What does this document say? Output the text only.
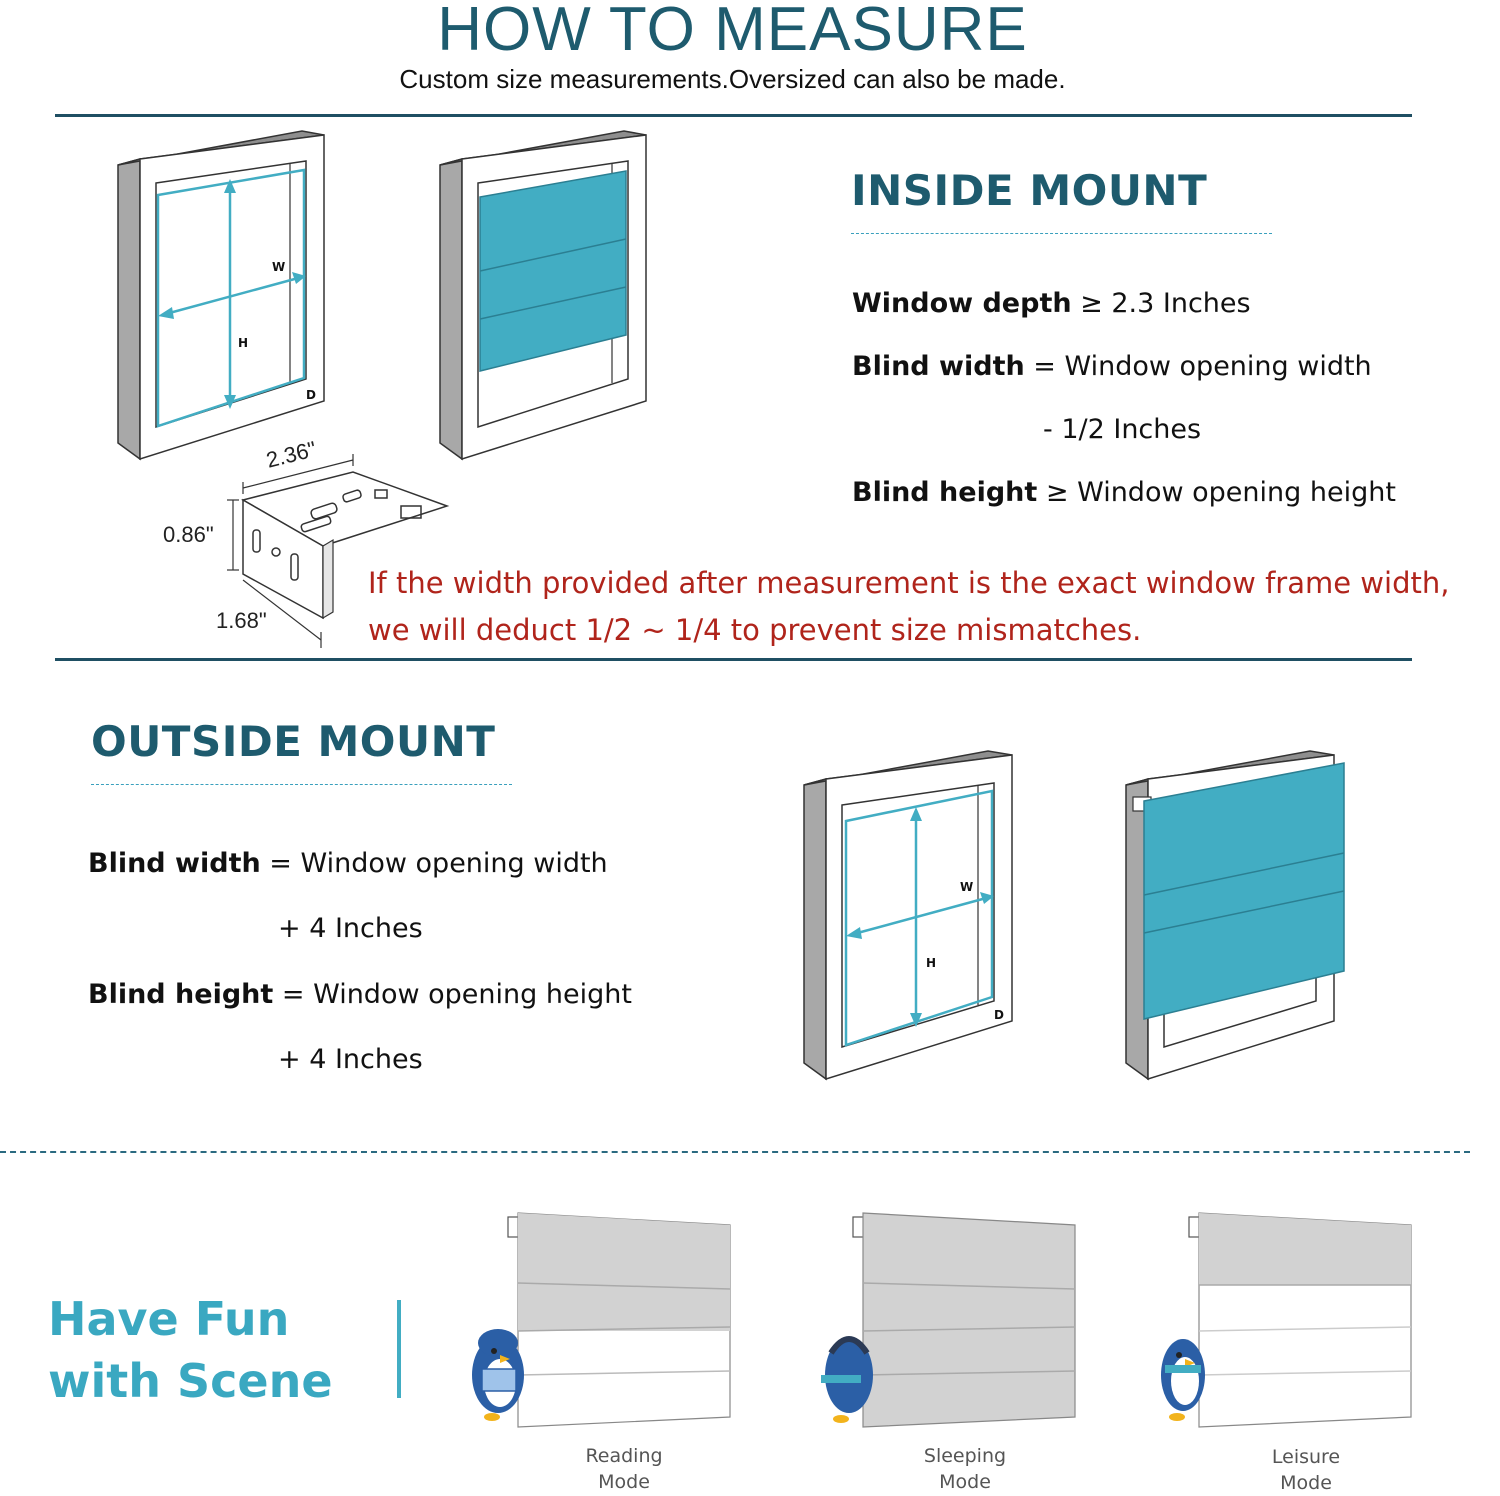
HOW TO MEASURE
Custom size measurements.Oversized can also be made.
W
H
D
2.36"
0.86"
1.68"
INSIDE MOUNT
Window depth ≥ 2.3 Inches
Blind width = Window opening width
- 1/2 Inches
Blind height ≥ Window opening height
If the width provided after measurement is the exact window frame width,
we will deduct 1/2 ~ 1/4 to prevent size mismatches.
OUTSIDE MOUNT
Blind width = Window opening width
+ 4 Inches
Blind height = Window opening height
+ 4 Inches
W
H
D
Have Fun
with Scene
Reading
Mode
Sleeping
Mode
Leisure
Mode
